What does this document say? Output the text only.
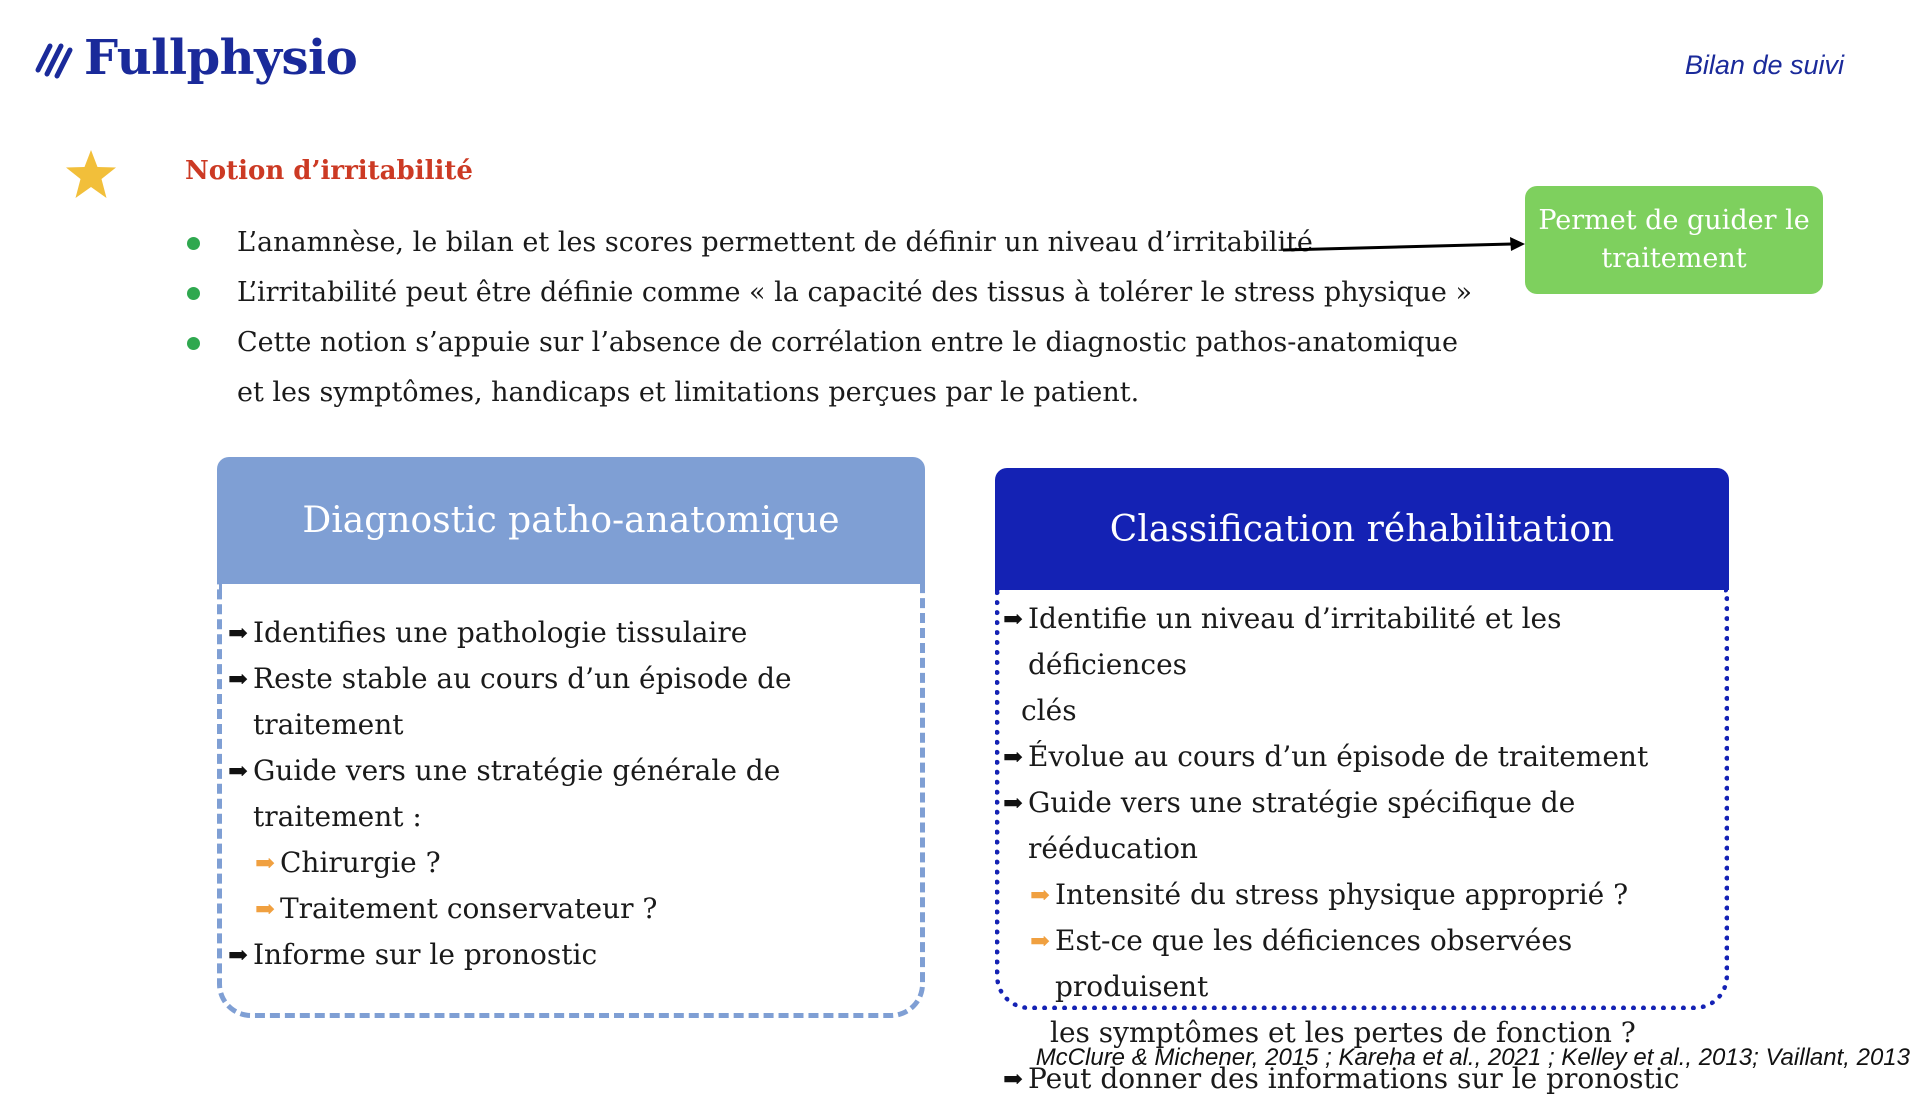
Fullphysio	Bilan de suivi
Notion d’irritabilité
L’anamnèse, le bilan et les scores permettent de définir un niveau d’irritabilité
L’irritabilité peut être définie comme « la capacité des tissus à tolérer le stress physique »
Cette notion s’appuie sur l’absence de corrélation entre le diagnostic pathos-anatomique et les symptômes, handicaps et limitations perçues par le patient.
Permet de guider le traitement
Diagnostic patho-anatomique
➡ Identifies une pathologie tissulaire
➡ Reste stable au cours d’un épisode de traitement
➡ Guide vers une stratégie générale de traitement :
➡ Chirurgie ?
➡ Traitement conservateur ?
➡ Informe sur le pronostic
Classification réhabilitation
➡ Identifie un niveau d’irritabilité et les déficiences
clés
➡ Évolue au cours d’un épisode de traitement
➡ Guide vers une stratégie spécifique de rééducation
➡ Intensité du stress physique approprié ?
➡ Est-ce que les déficiences observées produisent
les symptômes et les pertes de fonction ?
➡ Peut donner des informations sur le pronostic
McClure & Michener, 2015 ; Kareha et al., 2021 ; Kelley et al., 2013; Vaillant, 2013
